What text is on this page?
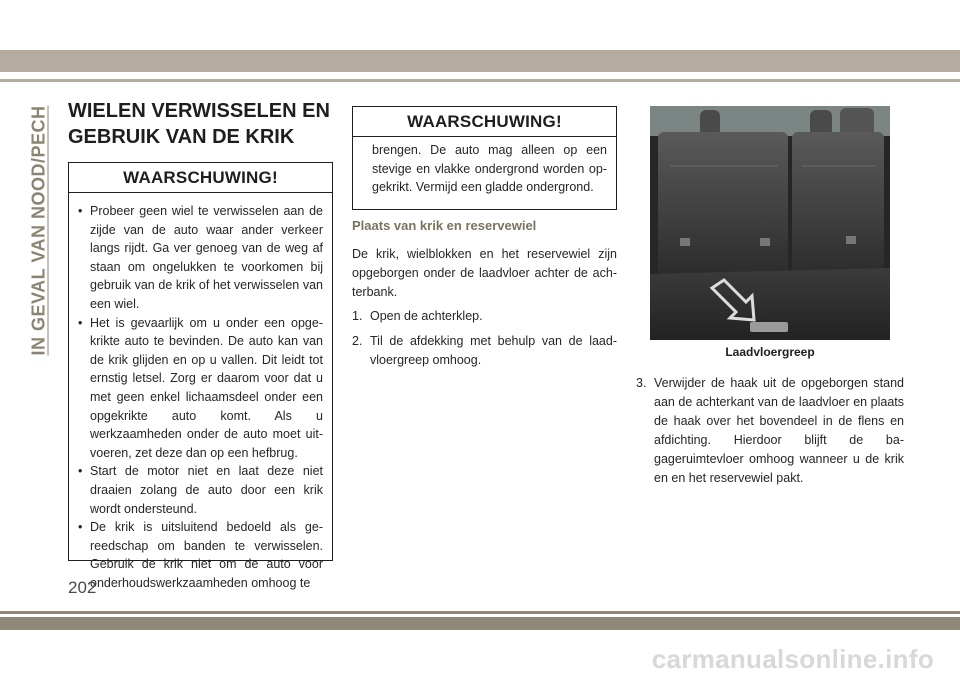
IN GEVAL VAN NOOD/PECH WIELEN VERWISSELEN EN GEBRUIK VAN DE KRIK
WAARSCHUWING!
• Probeer geen wiel te verwisselen aan de zijde van de auto waar ander verkeer langs rijdt. Ga ver genoeg van de weg af staan om ongelukken te voorkomen bij gebruik van de krik of het verwisselen van een wiel.
• Het is gevaarlijk om u onder een opgekrikte auto te bevinden. De auto kan van de krik glijden en op u vallen. Dit leidt tot ernstig letsel. Zorg er daarom voor dat u met geen enkel lichaamsdeel onder een opgekrikte auto komt. Als u werkzaamheden onder de auto moet uitvoeren, zet deze dan op een hefbrug.
• Start de motor niet en laat deze niet draaien zolang de auto door een krik wordt ondersteund.
• De krik is uitsluitend bedoeld als gereedschap om banden te verwisselen. Gebruik de krik niet om de auto voor onderhoudswerkzaamheden omhoog te
WAARSCHUWING!
brengen. De auto mag alleen op een stevige en vlakke ondergrond worden opgekrikt. Vermijd een gladde ondergrond.
Plaats van krik en reservewiel

De krik, wielblokken en het reservewiel zijn opgeborgen onder de laadvloer achter de achterbank.

1. Open de achterklep.
2. Til de afdekking met behulp van de laadvloergreep omhoog.
Laadvloergreep
3. Verwijder de haak uit de opgeborgen stand aan de achterkant van de laadvloer en plaats de haak over het bovendeel in de flens en afdichting. Hierdoor blijft de bagageruimtevloer omhoog wanneer u de krik en en het reservewiel pakt.
202
carmanualsonline.info
